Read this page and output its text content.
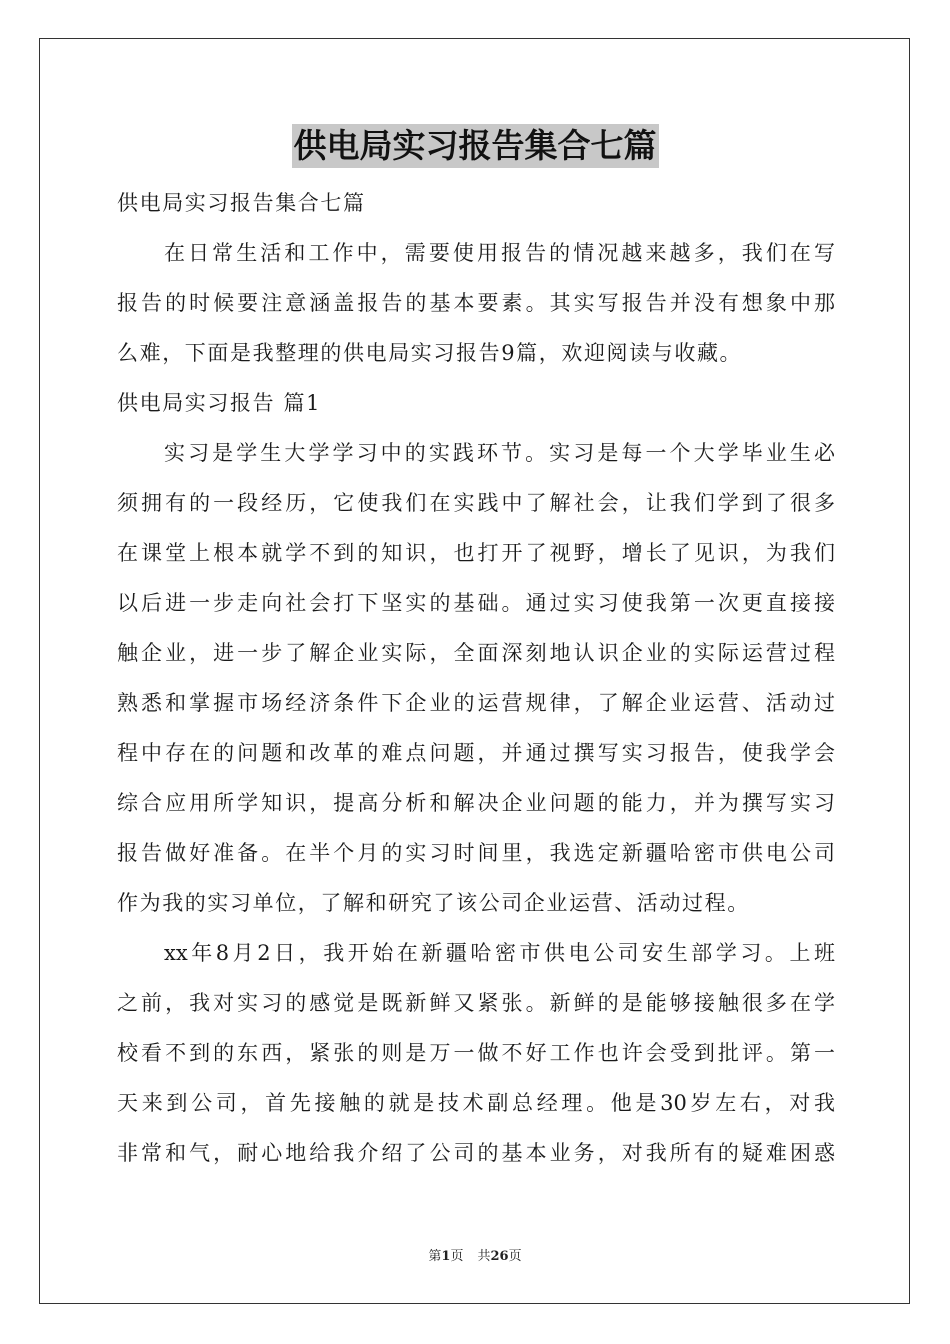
供电局实习报告集合七篇
供电局实习报告集合七篇
在日常生活和工作中，需要使用报告的情况越来越多，我们在写
报告的时候要注意涵盖报告的基本要素。其实写报告并没有想象中那
么难，下面是我整理的供电局实习报告9篇，欢迎阅读与收藏。
供电局实习报告 篇1
实习是学生大学学习中的实践环节。实习是每一个大学毕业生必
须拥有的一段经历，它使我们在实践中了解社会，让我们学到了很多
在课堂上根本就学不到的知识，也打开了视野，增长了见识，为我们
以后进一步走向社会打下坚实的基础。通过实习使我第一次更直接接
触企业，进一步了解企业实际，全面深刻地认识企业的实际运营过程
熟悉和掌握市场经济条件下企业的运营规律，了解企业运营、活动过
程中存在的问题和改革的难点问题，并通过撰写实习报告，使我学会
综合应用所学知识，提高分析和解决企业问题的能力，并为撰写实习
报告做好准备。在半个月的实习时间里，我选定新疆哈密市供电公司
作为我的实习单位，了解和研究了该公司企业运营、活动过程。
xx年8月2日，我开始在新疆哈密市供电公司安生部学习。上班
之前，我对实习的感觉是既新鲜又紧张。新鲜的是能够接触很多在学
校看不到的东西，紧张的则是万一做不好工作也许会受到批评。第一
天来到公司，首先接触的就是技术副总经理。他是30岁左右，对我
非常和气，耐心地给我介绍了公司的基本业务，对我所有的疑难困惑
第1页 共26页
